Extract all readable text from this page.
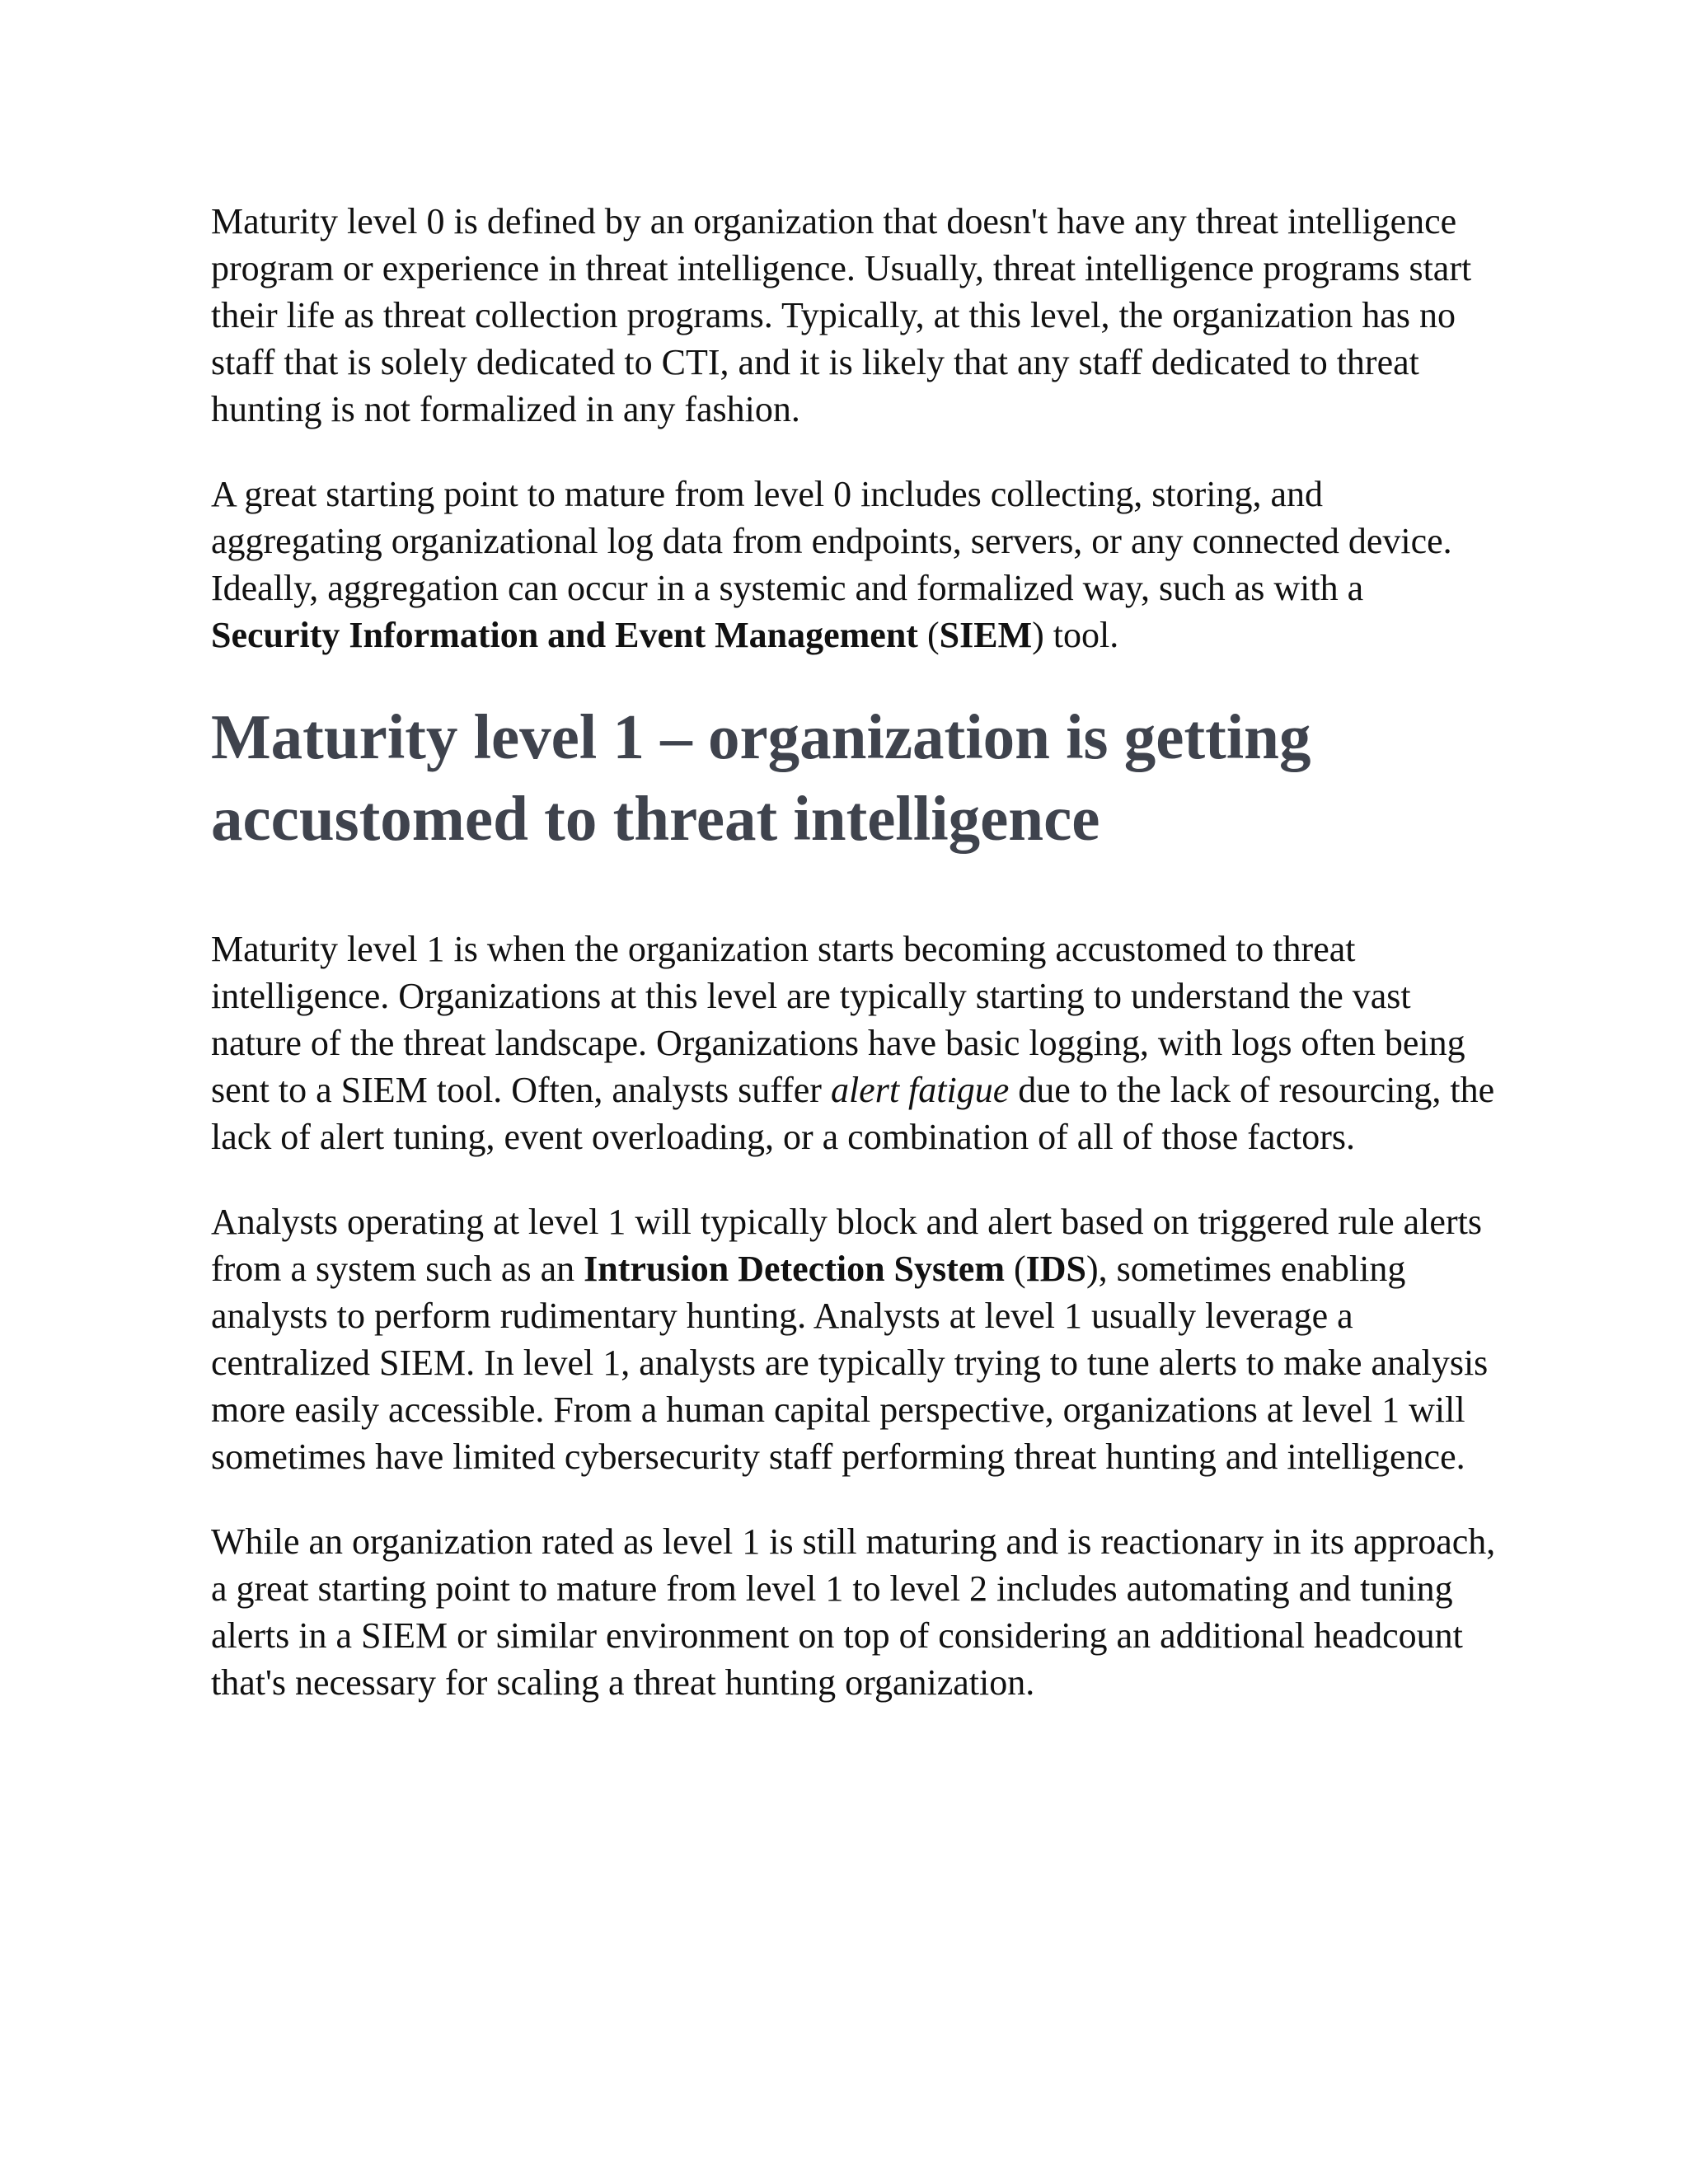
Maturity level 0 is defined by an organization that doesn't have any threat intelligence program or experience in threat intelligence. Usually, threat intelligence programs start their life as threat collection programs. Typically, at this level, the organization has no staff that is solely dedicated to CTI, and it is likely that any staff dedicated to threat hunting is not formalized in any fashion.

A great starting point to mature from level 0 includes collecting, storing, and aggregating organizational log data from endpoints, servers, or any connected device. Ideally, aggregation can occur in a systemic and formalized way, such as with a Security Information and Event Management (SIEM) tool.

Maturity level 1 – organization is getting accustomed to threat intelligence

Maturity level 1 is when the organization starts becoming accustomed to threat intelligence. Organizations at this level are typically starting to understand the vast nature of the threat landscape. Organizations have basic logging, with logs often being sent to a SIEM tool. Often, analysts suffer alert fatigue due to the lack of resourcing, the lack of alert tuning, event overloading, or a combination of all of those factors.

Analysts operating at level 1 will typically block and alert based on triggered rule alerts from a system such as an Intrusion Detection System (IDS), sometimes enabling analysts to perform rudimentary hunting. Analysts at level 1 usually leverage a centralized SIEM. In level 1, analysts are typically trying to tune alerts to make analysis more easily accessible. From a human capital perspective, organizations at level 1 will sometimes have limited cybersecurity staff performing threat hunting and intelligence.

While an organization rated as level 1 is still maturing and is reactionary in its approach, a great starting point to mature from level 1 to level 2 includes automating and tuning alerts in a SIEM or similar environment on top of considering an additional headcount that's necessary for scaling a threat hunting organization.
